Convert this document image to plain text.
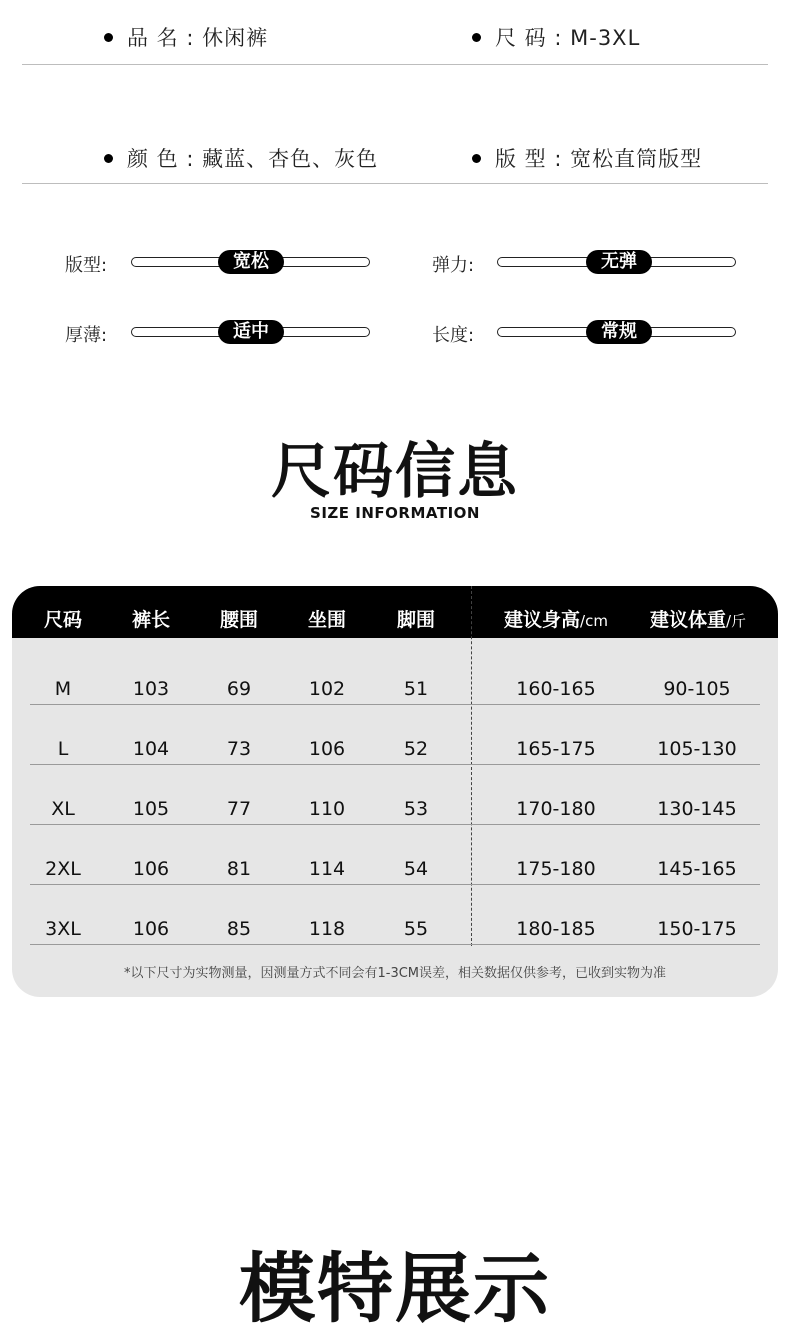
品 名 : 休闲裤	尺 码 : M-3XL
颜 色 : 藏蓝、杏色、灰色	版 型 : 宽松直筒版型
版型:	宽松	弹力:	无弹
厚薄:	适中	长度:	常规
尺码信息
SIZE INFORMATION
尺码	裤长	腰围	坐围	脚围	建议身高/cm	建议体重/斤
M	103	69	102	51	160-165	90-105
L	104	73	106	52	165-175	105-130
XL	105	77	110	53	170-180	130-145
2XL	106	81	114	54	175-180	145-165
3XL	106	85	118	55	180-185	150-175
*以下尺寸为实物测量，因测量方式不同会有1-3CM误差，相关数据仅供参考，已收到实物为准
模特展示
